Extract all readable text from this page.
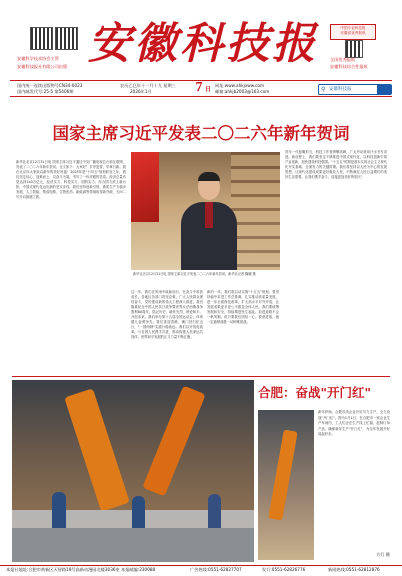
安徽科学技术协会主管
安徽科技报社有限公司出版 安徽科技报	中国专业科技报
安徽省优秀报纸
全国优秀报纸
安徽科技综合性报纸
国内统一连续出版物号CN34-0023
国内邮发代号:25-5 第5406期
农历乙巳年十一月十九 星期三
2026年1月	7 日
网址:www.ahkjxww.com
邮箱:ahkjb2003@163.com	⚲ 安徽科技报
国家主席习近平发表二〇二六年新年贺词
新华社北京12月31日电 国家主席习近平通过中央广播电视总台和互联网，发表了二〇二六年新年贺词。全文如下：大家好！岁序更替，华章日新。我在北京向大家致以新年的美好祝福！2025年是"十四五"规划收官之年，我们坚定信心、迎难而上，以奋斗为笔，书写了一份亮眼的答卷。经济总量有望达到140万亿元，经济实力、科技实力、国防实力、综合国力跃上新台阶，中国式现代化迈出新的坚实步伐。我们坚持创新引领，新质生产力稳步发展，人工智能、集成电路、生物医药、新能源等领域取得新突破，天问二号开启探测之旅。
新华社北京12月31日电 国家主席习近平发表二〇二六年新年贺词。新华社记者 鞠鹏 摄
青年一代挺膺担当，科技工作者勇攀高峰，广大劳动者用汗水书写奇迹。新征程上，我们要坚定不移推进中国式现代化，以科技创新引领产业创新，加快建设科技强国。"十五五"时期是基本实现社会主义现代化夯实基础、全面发力的关键时期。我们将坚持以人民为中心的发展思想，让现代化建设成果更好惠及人民，不断满足人民日益增长的美好生活需要。让我们携手奋斗，迎接更加美好的明天！
这一年，我们在风雨中砥砺前行，在奋斗中收获成长。各地区各部门攻坚克难，广大人民群众团结奋斗，党的建设新的伟大工程深入推进。我们隆重纪念中国人民抗日战争暨世界反法西斯战争胜利80周年，铭记历史、缅怀先烈、珍爱和平、开创未来。我们举办第十五届全国运动会，体育健儿奋勇争先。我们喜迎香港、澳门回归纪念日，"一国两制"实践行稳致远。我们以开放促改革，与各国人民携手共进，推动构建人类命运共同体，世界和平发展的正义力量不断汇聚。
新的一年，我们将启动实施"十五五"规划。要坚持稳中求进工作总基调，扎实推动高质量发展，进一步全面深化改革，扩大高水平对外开放，让发展成果更多更公平惠及全体人民。我们要统筹发展和安全，持续增进民生福祉。前进道路不会一帆风顺，但只要我们团结一心、锐意进取，就一定能够战胜一切困难挑战。
合肥：奋战"开门红"
新年伊始，合肥各类企业开足马力生产，全力奋战"开门红"。图为1月1日，在合肥市一家企业生产车间内，工人们正在生产线上忙碌，赶制订单产品，确保新年生产"开门红"，为全年发展开好局起好步。
方行 摄
本报社地址:合肥市黄新区天智路19号高新动漫园北楼3036室 本报邮编:230088	广告热线:0551-62827707	发行:0551-62826776	新闻热线:0551-62812876
